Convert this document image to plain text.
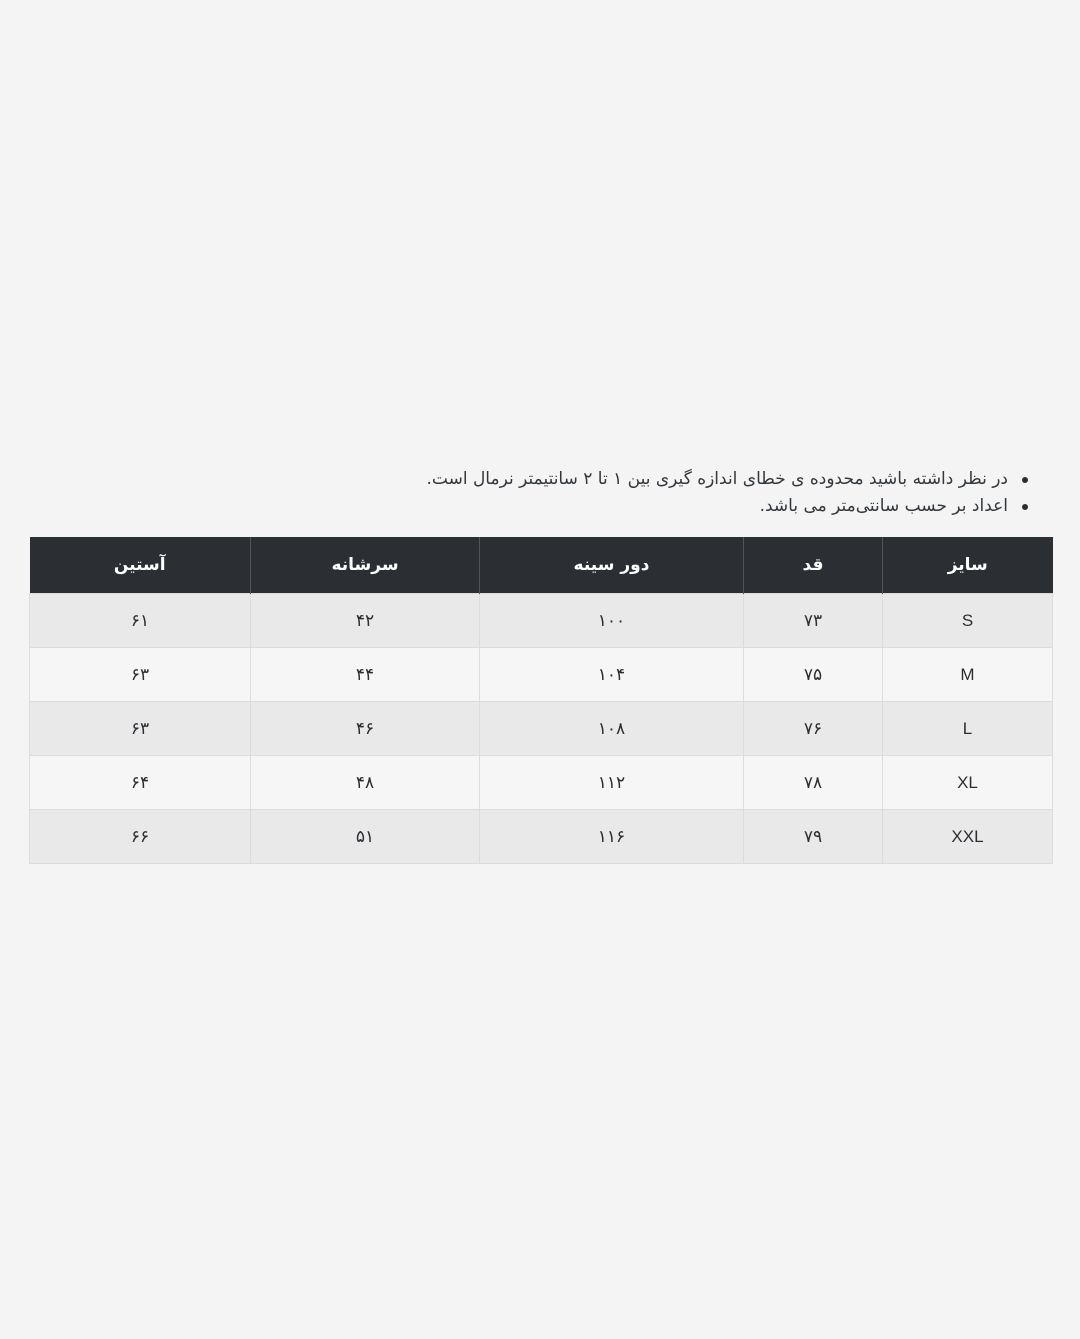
در نظر داشته باشید محدوده ی خطای اندازه گیری بین ۱ تا ۲ سانتیمتر نرمال است.
اعداد بر حسب سانتی‌متر می باشد.
سایز	قد	دور سینه	سرشانه	آستین
S	۷۳	۱۰۰	۴۲	۶۱
M	۷۵	۱۰۴	۴۴	۶۳
L	۷۶	۱۰۸	۴۶	۶۳
XL	۷۸	۱۱۲	۴۸	۶۴
XXL	۷۹	۱۱۶	۵۱	۶۶
